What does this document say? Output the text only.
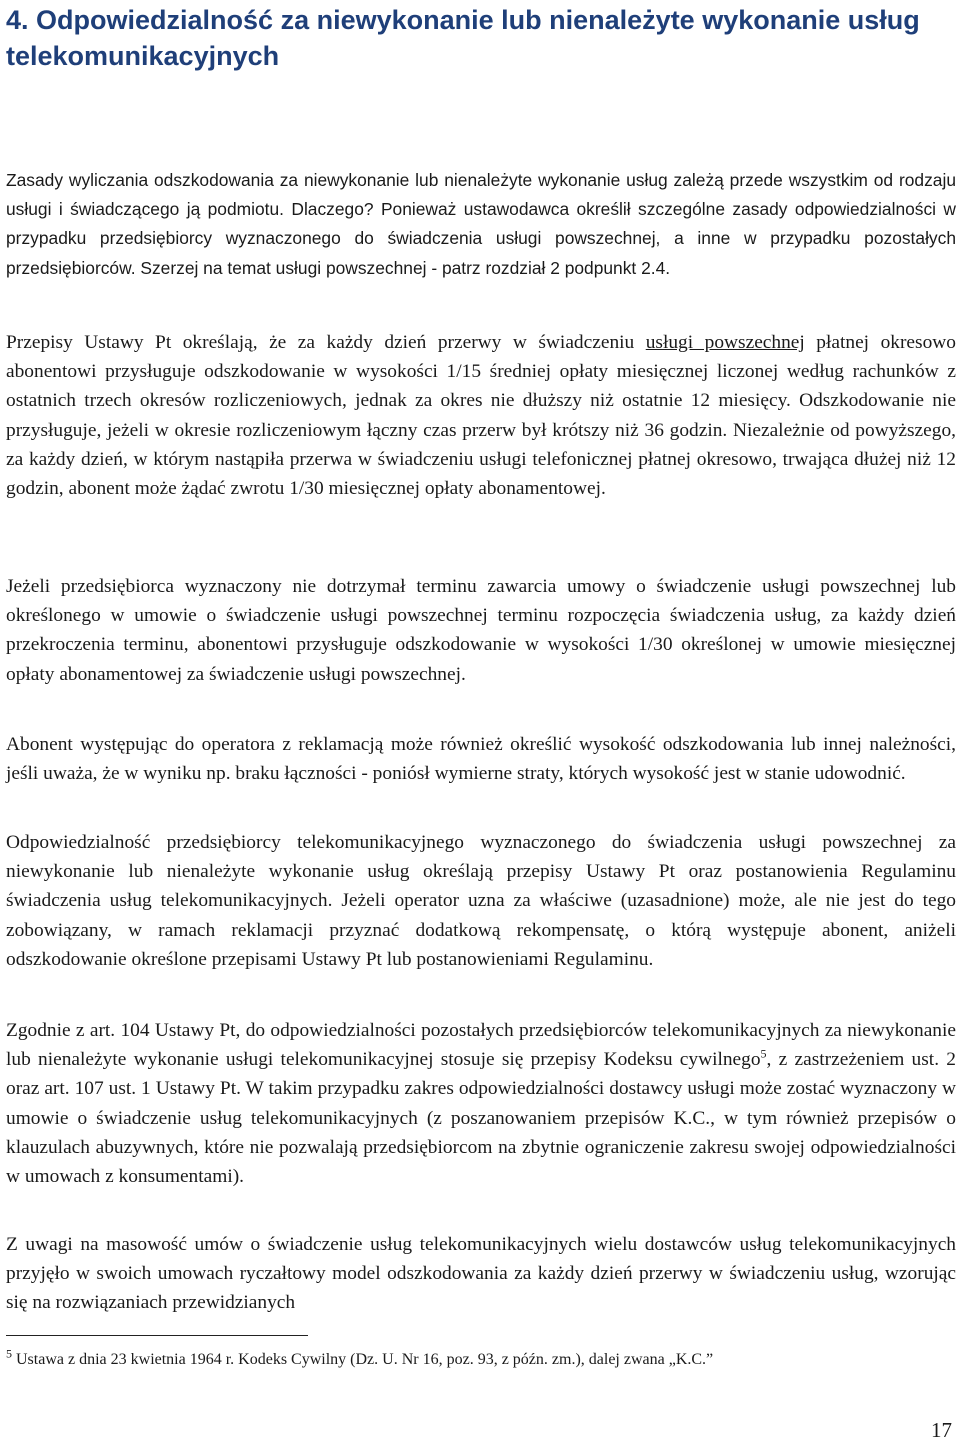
4. Odpowiedzialność za niewykonanie lub nienależyte wykonanie usług telekomunikacyjnych

Zasady wyliczania odszkodowania za niewykonanie lub nienależyte wykonanie usług zależą przede wszystkim od rodzaju usługi i świadczącego ją podmiotu. Dlaczego? Ponieważ ustawodawca określił szczególne zasady odpowiedzialności w przypadku przedsiębiorcy wyznaczonego do świadczenia usługi powszechnej, a inne w przypadku pozostałych przedsiębiorców. Szerzej na temat usługi powszechnej - patrz rozdział 2 podpunkt 2.4.

Przepisy Ustawy Pt określają, że za każdy dzień przerwy w świadczeniu usługi powszechnej płatnej okresowo abonentowi przysługuje odszkodowanie w wysokości 1/15 średniej opłaty miesięcznej liczonej według rachunków z ostatnich trzech okresów rozliczeniowych, jednak za okres nie dłuższy niż ostatnie 12 miesięcy. Odszkodowanie nie przysługuje, jeżeli w okresie rozliczeniowym łączny czas przerw był krótszy niż 36 godzin. Niezależnie od powyższego, za każdy dzień, w którym nastąpiła przerwa w świadczeniu usługi telefonicznej płatnej okresowo, trwająca dłużej niż 12 godzin, abonent może żądać zwrotu 1/30 miesięcznej opłaty abonamentowej.

Jeżeli przedsiębiorca wyznaczony nie dotrzymał terminu zawarcia umowy o świadczenie usługi powszechnej lub określonego w umowie o świadczenie usługi powszechnej terminu rozpoczęcia świadczenia usług, za każdy dzień przekroczenia terminu, abonentowi przysługuje odszkodowanie w wysokości 1/30 określonej w umowie miesięcznej opłaty abonamentowej za świadczenie usługi powszechnej.

Abonent występując do operatora z reklamacją może również określić wysokość odszkodowania lub innej należności, jeśli uważa, że w wyniku np. braku łączności - poniósł wymierne straty, których wysokość jest w stanie udowodnić.

Odpowiedzialność przedsiębiorcy telekomunikacyjnego wyznaczonego do świadczenia usługi powszechnej za niewykonanie lub nienależyte wykonanie usług określają przepisy Ustawy Pt oraz postanowienia Regulaminu świadczenia usług telekomunikacyjnych. Jeżeli operator uzna za właściwe (uzasadnione) może, ale nie jest do tego zobowiązany, w ramach reklamacji przyznać dodatkową rekompensatę, o którą występuje abonent, aniżeli odszkodowanie określone przepisami Ustawy Pt lub postanowieniami Regulaminu.

Zgodnie z art. 104 Ustawy Pt, do odpowiedzialności pozostałych przedsiębiorców telekomunikacyjnych za niewykonanie lub nienależyte wykonanie usługi telekomunikacyjnej stosuje się przepisy Kodeksu cywilnego$^5$, z zastrzeżeniem ust. 2 oraz art. 107 ust. 1 Ustawy Pt. W takim przypadku zakres odpowiedzialności dostawcy usługi może zostać wyznaczony w umowie o świadczenie usług telekomunikacyjnych (z poszanowaniem przepisów K.C., w tym również przepisów o klauzulach abuzywnych, które nie pozwalają przedsiębiorcom na zbytnie ograniczenie zakresu swojej odpowiedzialności w umowach z konsumentami).

Z uwagi na masowość umów o świadczenie usług telekomunikacyjnych wielu dostawców usług telekomunikacyjnych przyjęło w swoich umowach ryczałtowy model odszkodowania za każdy dzień przerwy w świadczeniu usług, wzorując się na rozwiązaniach przewidzianych

$^5$ Ustawa z dnia 23 kwietnia 1964 r. Kodeks Cywilny (Dz. U. Nr 16, poz. 93, z późn. zm.), dalej zwana „K.C.”

17
